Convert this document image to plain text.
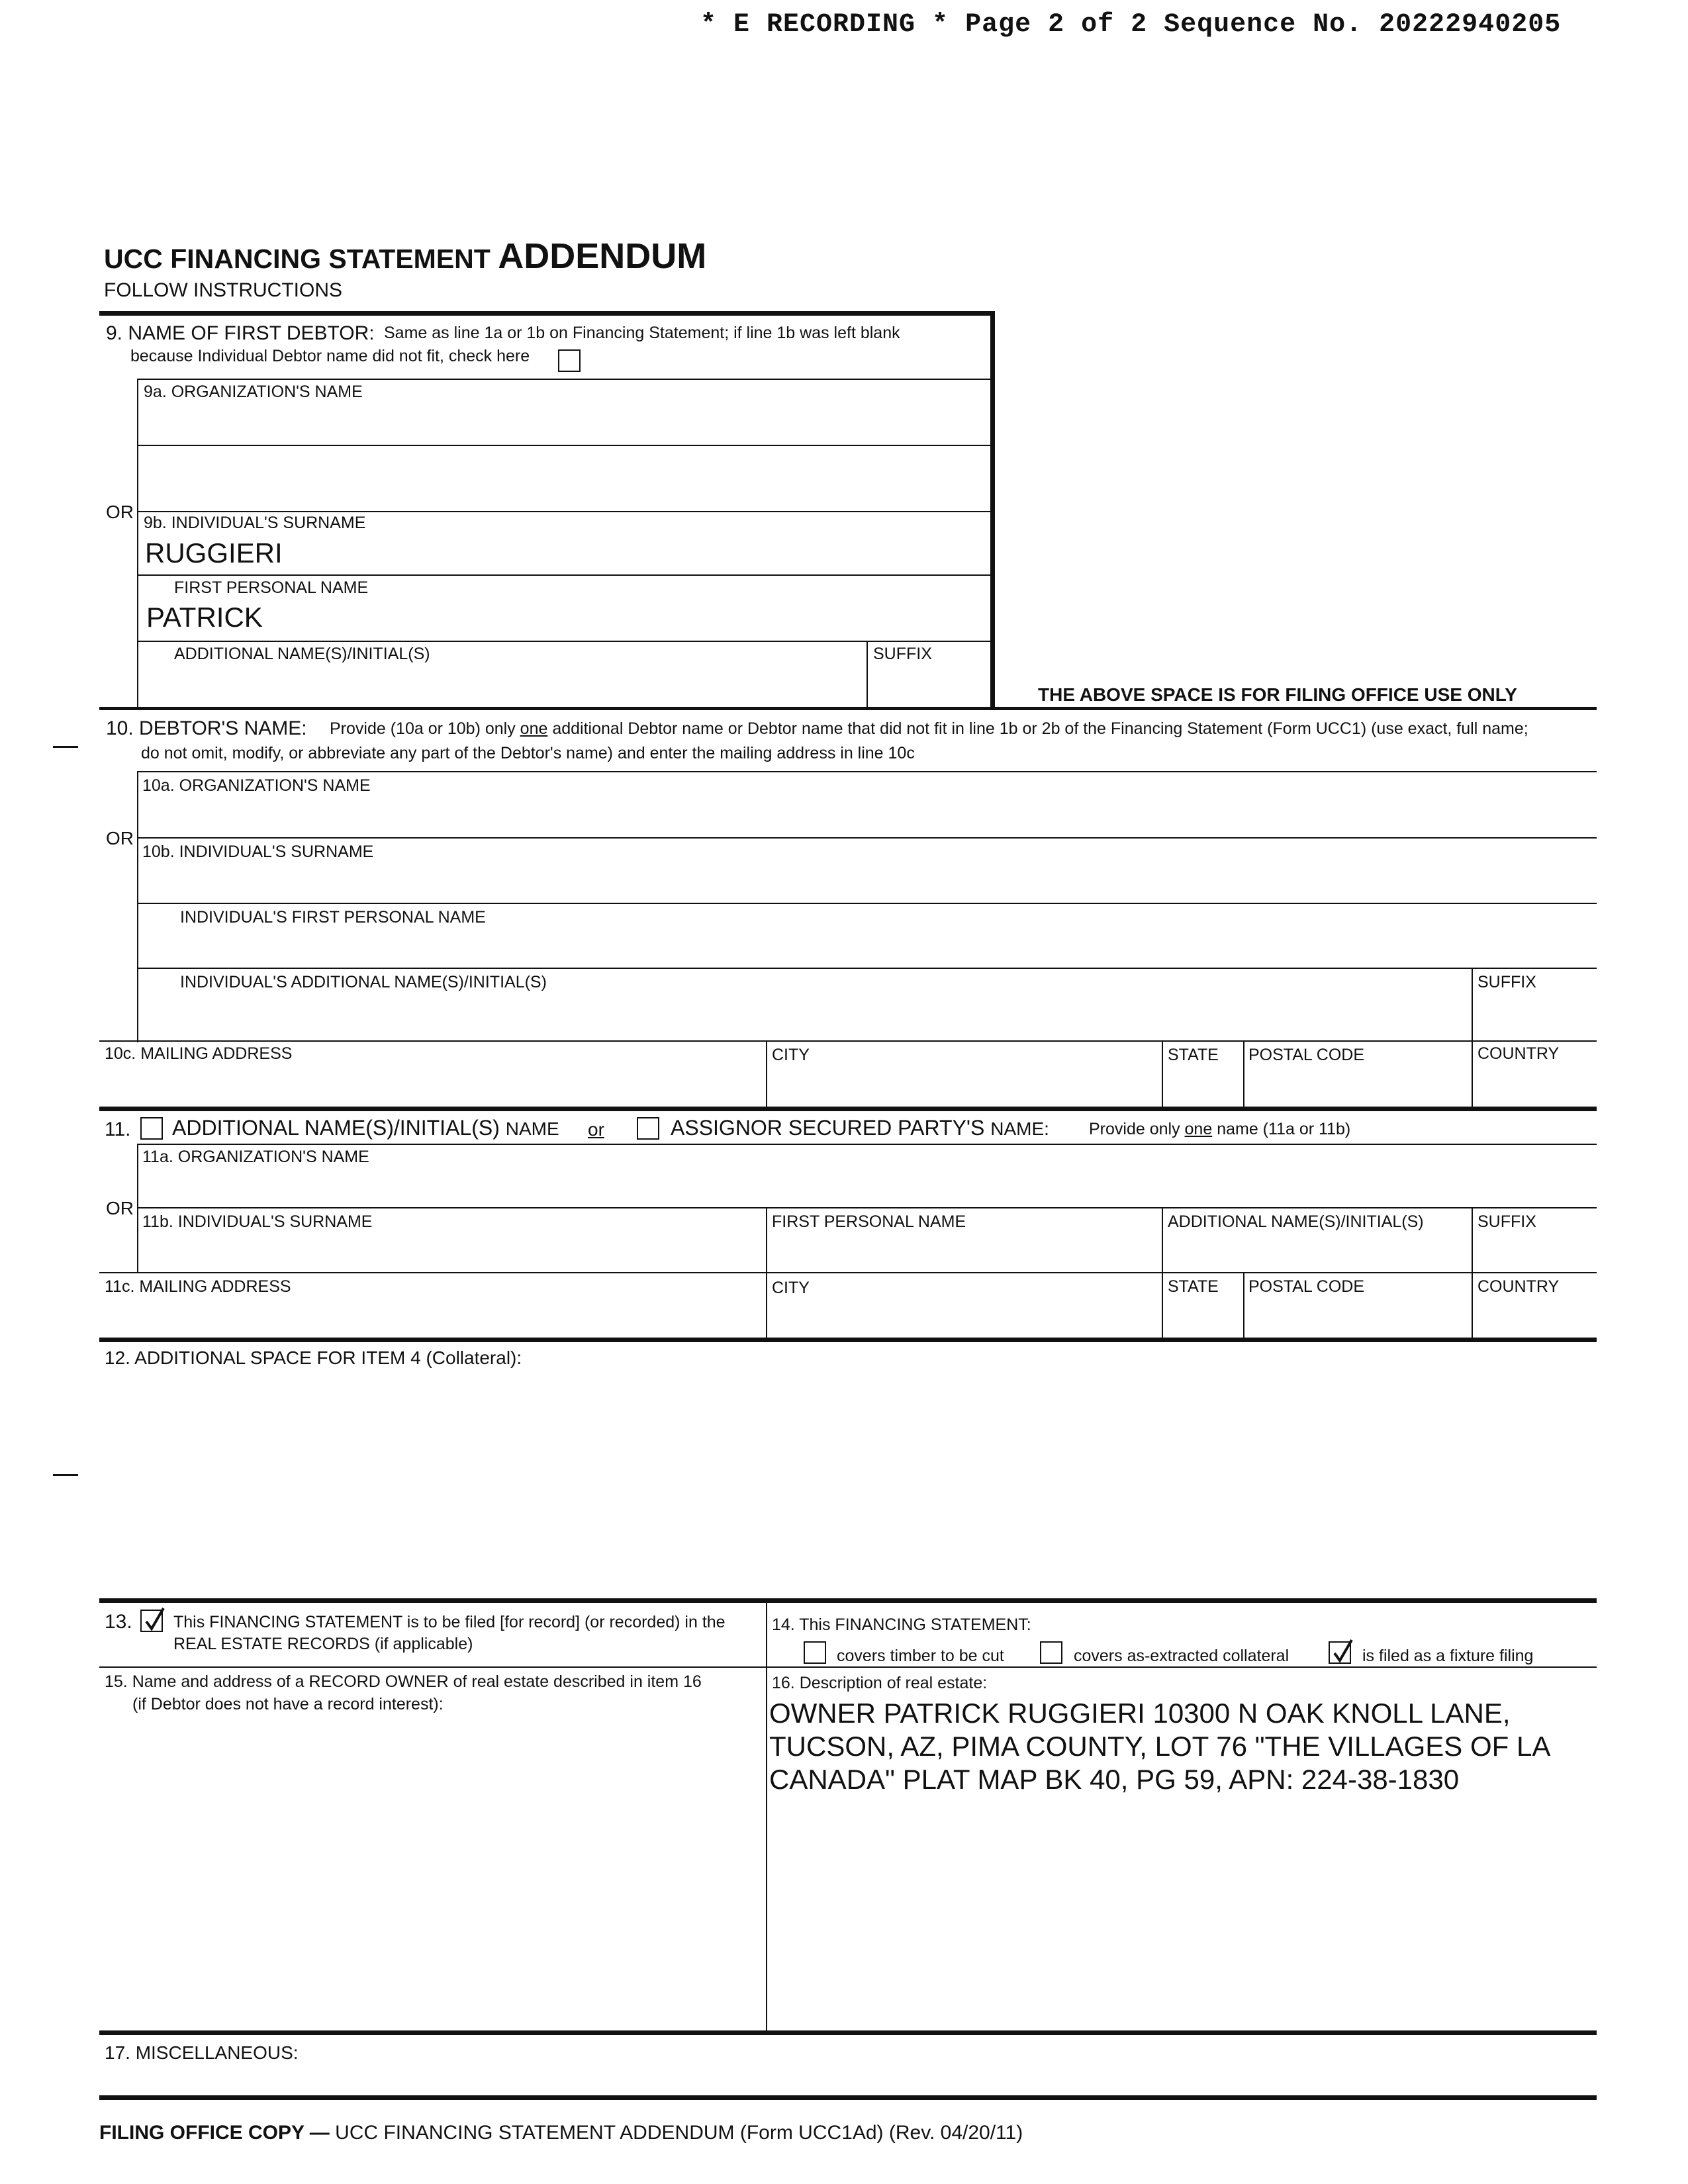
* E RECORDING * Page 2 of 2 Sequence No. 20222940205
UCC FINANCING STATEMENT ADDENDUM
FOLLOW INSTRUCTIONS
9. NAME OF FIRST DEBTOR: Same as line 1a or 1b on Financing Statement; if line 1b was left blank
because Individual Debtor name did not fit, check here
9a. ORGANIZATION'S NAME
OR
9b. INDIVIDUAL'S SURNAME
RUGGIERI
FIRST PERSONAL NAME
PATRICK
ADDITIONAL NAME(S)/INITIAL(S)	SUFFIX
THE ABOVE SPACE IS FOR FILING OFFICE USE ONLY
10. DEBTOR'S NAME: Provide (10a or 10b) only one additional Debtor name or Debtor name that did not fit in line 1b or 2b of the Financing Statement (Form UCC1) (use exact, full name;
do not omit, modify, or abbreviate any part of the Debtor's name) and enter the mailing address in line 10c
10a. ORGANIZATION'S NAME
OR
10b. INDIVIDUAL'S SURNAME
INDIVIDUAL'S FIRST PERSONAL NAME
INDIVIDUAL'S ADDITIONAL NAME(S)/INITIAL(S)	SUFFIX
10c. MAILING ADDRESS	CITY	STATE POSTAL CODE	COUNTRY
11. ADDITIONAL NAME(S)/INITIAL(S) NAME or	ASSIGNOR SECURED PARTY'S NAME: Provide only one name (11a or 11b)
11a. ORGANIZATION'S NAME
OR
11b. INDIVIDUAL'S SURNAME	FIRST PERSONAL NAME	ADDITIONAL NAME(S)/INITIAL(S)	SUFFIX
11c. MAILING ADDRESS	CITY	STATE POSTAL CODE	COUNTRY
12. ADDITIONAL SPACE FOR ITEM 4 (Collateral):
13. This FINANCING STATEMENT is to be filed [for record] (or recorded) in the
REAL ESTATE RECORDS (if applicable)
14. This FINANCING STATEMENT:
covers timber to be cut	covers as-extracted collateral	is filed as a fixture filing
15. Name and address of a RECORD OWNER of real estate described in item 16
(if Debtor does not have a record interest):
16. Description of real estate:
OWNER PATRICK RUGGIERI 10300 N OAK KNOLL LANE,
TUCSON, AZ, PIMA COUNTY, LOT 76 "THE VILLAGES OF LA
CANADA" PLAT MAP BK 40, PG 59, APN: 224-38-1830
17. MISCELLANEOUS:
FILING OFFICE COPY — UCC FINANCING STATEMENT ADDENDUM (Form UCC1Ad) (Rev. 04/20/11)
